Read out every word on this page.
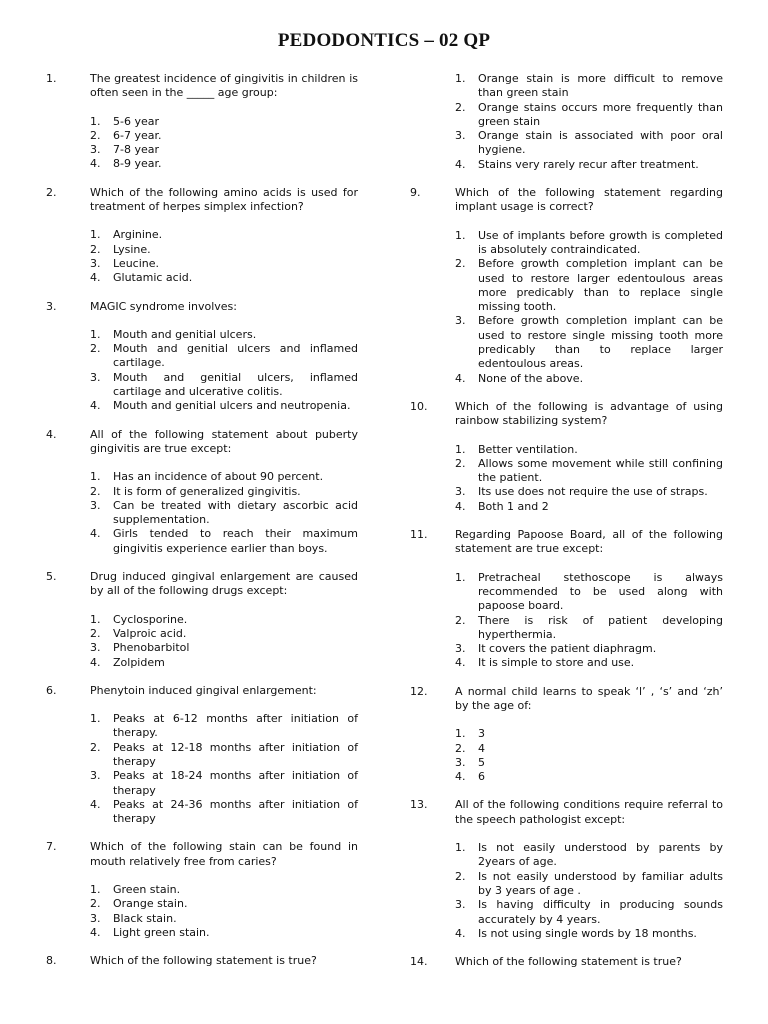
PEDODONTICS – 02 QP
1.	The greatest incidence of gingivitis in children is often seen in the _____ age group:
1. 5-6 year
2. 6-7 year.
3. 7-8 year
4. 8-9 year.
2.	Which of the following amino acids is used for treatment of herpes simplex infection?
1. Arginine.
2. Lysine.
3. Leucine.
4. Glutamic acid.
3.	MAGIC syndrome involves:
1. Mouth and genitial ulcers.
2. Mouth and genitial ulcers and inflamed cartilage.
3. Mouth and genitial ulcers, inflamed cartilage and ulcerative colitis.
4. Mouth and genitial ulcers and neutropenia.
4.	All of the following statement about puberty gingivitis are true except:
1. Has an incidence of about 90 percent.
2. It is form of generalized gingivitis.
3. Can be treated with dietary ascorbic acid supplementation.
4. Girls tended to reach their maximum gingivitis experience earlier than boys.
5.	Drug induced gingival enlargement are caused by all of the following drugs except:
1. Cyclosporine.
2. Valproic acid.
3. Phenobarbitol
4. Zolpidem
6.	Phenytoin induced gingival enlargement:
1. Peaks at 6-12 months after initiation of therapy.
2. Peaks at 12-18 months after initiation of therapy
3. Peaks at 18-24 months after initiation of therapy
4. Peaks at 24-36 months after initiation of therapy
7.	Which of the following stain can be found in mouth relatively free from caries?
1. Green stain.
2. Orange stain.
3. Black stain.
4. Light green stain.
8.	Which of the following statement is true?
1. Orange stain is more difficult to remove than green stain
2. Orange stains occurs more frequently than green stain
3. Orange stain is associated with poor oral hygiene.
4. Stains very rarely recur after treatment.
9.	Which of the following statement regarding implant usage is correct?
1. Use of implants before growth is completed is absolutely contraindicated.
2. Before growth completion implant can be used to restore larger edentoulous areas more predicably than to replace single missing tooth.
3. Before growth completion implant can be used to restore single missing tooth more predicably than to replace larger edentoulous areas.
4. None of the above.
10.	Which of the following is advantage of using rainbow stabilizing system?
1. Better ventilation.
2. Allows some movement while still confining the patient.
3. Its use does not require the use of straps.
4. Both 1 and 2
11.	Regarding Papoose Board, all of the following statement are true except:
1. Pretracheal stethoscope is always recommended to be used along with papoose board.
2. There is risk of patient developing hyperthermia.
3. It covers the patient diaphragm.
4. It is simple to store and use.
12.	A normal child learns to speak ‘l’ , ‘s’ and ‘zh’ by the age of:
1. 3
2. 4
3. 5
4. 6
13.	All of the following conditions require referral to the speech pathologist except:
1. Is not easily understood by parents by 2years of age.
2. Is not easily understood by familiar adults by 3 years of age .
3. Is having difficulty in producing sounds accurately by 4 years.
4. Is not using single words by 18 months.
14.	Which of the following statement is true?
